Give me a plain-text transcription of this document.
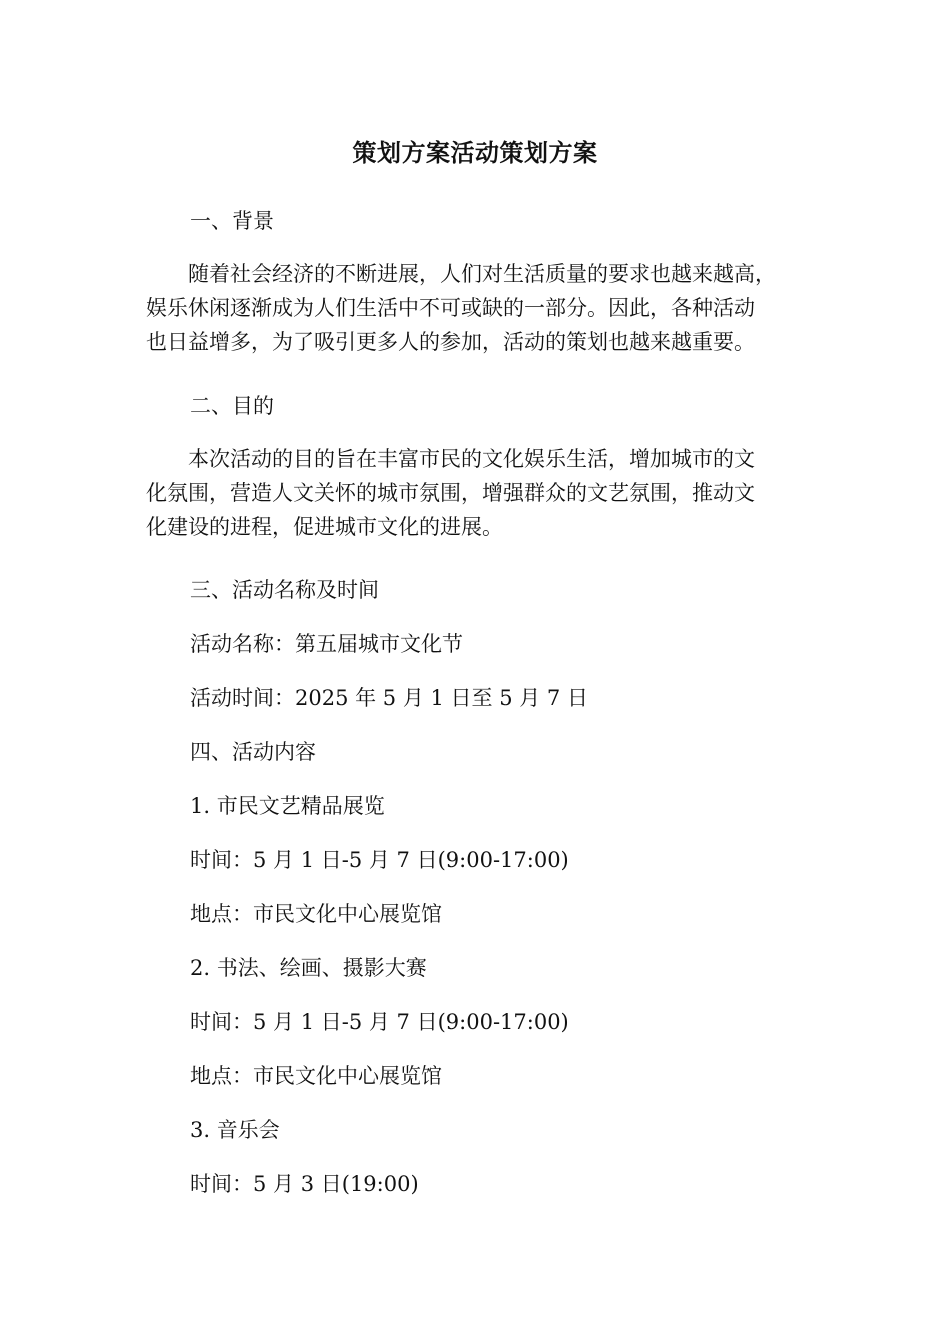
策划方案活动策划方案
一、背景
　　随着社会经济的不断进展，人们对生活质量的要求也越来越高，
娱乐休闲逐渐成为人们生活中不可或缺的一部分。因此，各种活动
也日益增多，为了吸引更多人的参加，活动的策划也越来越重要。
二、目的
　　本次活动的目的旨在丰富市民的文化娱乐生活，增加城市的文
化氛围，营造人文关怀的城市氛围，增强群众的文艺氛围，推动文
化建设的进程，促进城市文化的进展。
三、活动名称及时间
活动名称：第五届城市文化节
活动时间：2025 年 5 月 1 日至 5 月 7 日
四、活动内容
1. 市民文艺精品展览
时间：5 月 1 日-5 月 7 日(9:00-17:00)
地点：市民文化中心展览馆
2. 书法、绘画、摄影大赛
时间：5 月 1 日-5 月 7 日(9:00-17:00)
地点：市民文化中心展览馆
3. 音乐会
时间：5 月 3 日(19:00)
